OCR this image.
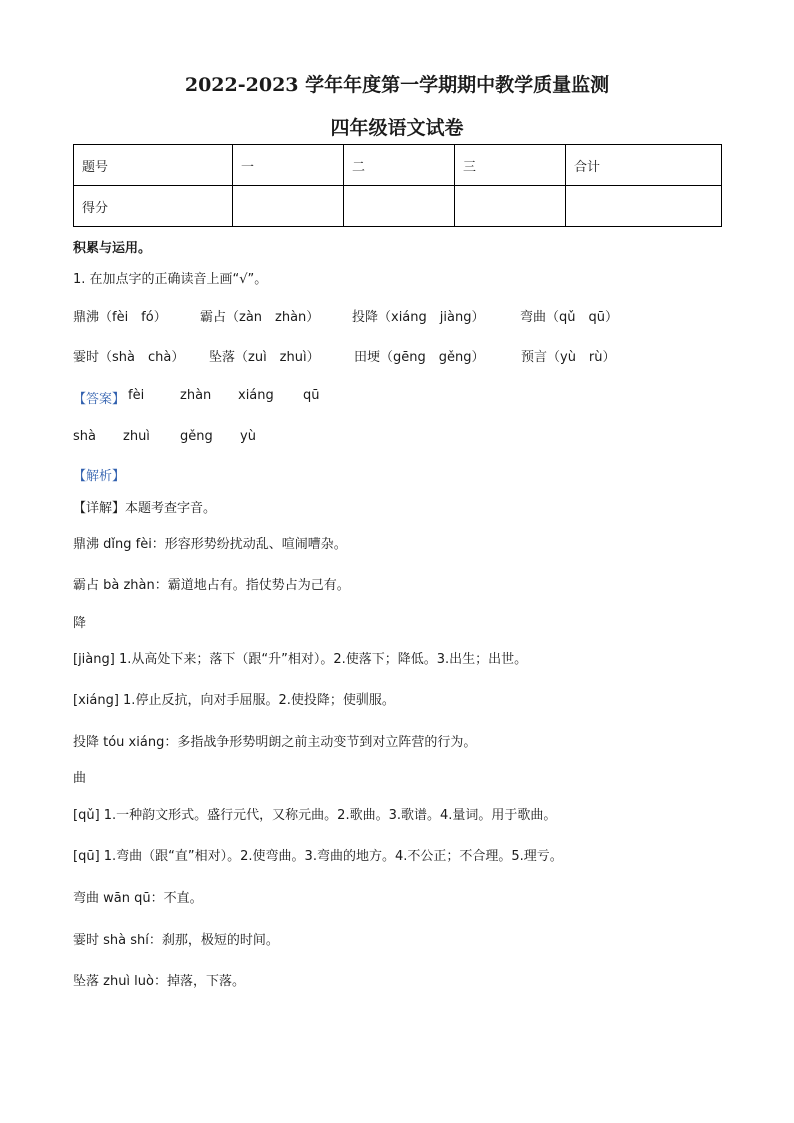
2022-2023 学年年度第一学期期中教学质量监测
四年级语文试卷
题号	一	二	三	合计
得分				
积累与运用。
1. 在加点字的正确读音上画“√”。
鼎沸（fèi　fó）	霸占（zàn　zhàn）	投降（xiáng　jiàng）	弯曲（qǔ　qū）
霎时（shà　chà） 坠落（zuì　zhuì）	田埂（gēng　gěng）	预言（yù　rù）
【答案】 fèi	zhàn xiáng qū
shà zhuì gěng yù
【解析】
【详解】本题考查字音。
鼎沸 dǐng fèi：形容形势纷扰动乱、喧闹嘈杂。
霸占 bà zhàn：霸道地占有。指仗势占为己有。
降
[jiàng] 1.从高处下来；落下（跟“升”相对）。2.使落下；降低。3.出生；出世。
[xiáng] 1.停止反抗，向对手屈服。2.使投降；使驯服。
投降 tóu xiáng：多指战争形势明朗之前主动变节到对立阵营的行为。
曲
[qǔ] 1.一种韵文形式。盛行元代，又称元曲。2.歌曲。3.歌谱。4.量词。用于歌曲。
[qū] 1.弯曲（跟“直”相对）。2.使弯曲。3.弯曲的地方。4.不公正；不合理。5.理亏。
弯曲 wān qū：不直。
霎时 shà shí：刹那，极短的时间。
坠落 zhuì luò：掉落，下落。
